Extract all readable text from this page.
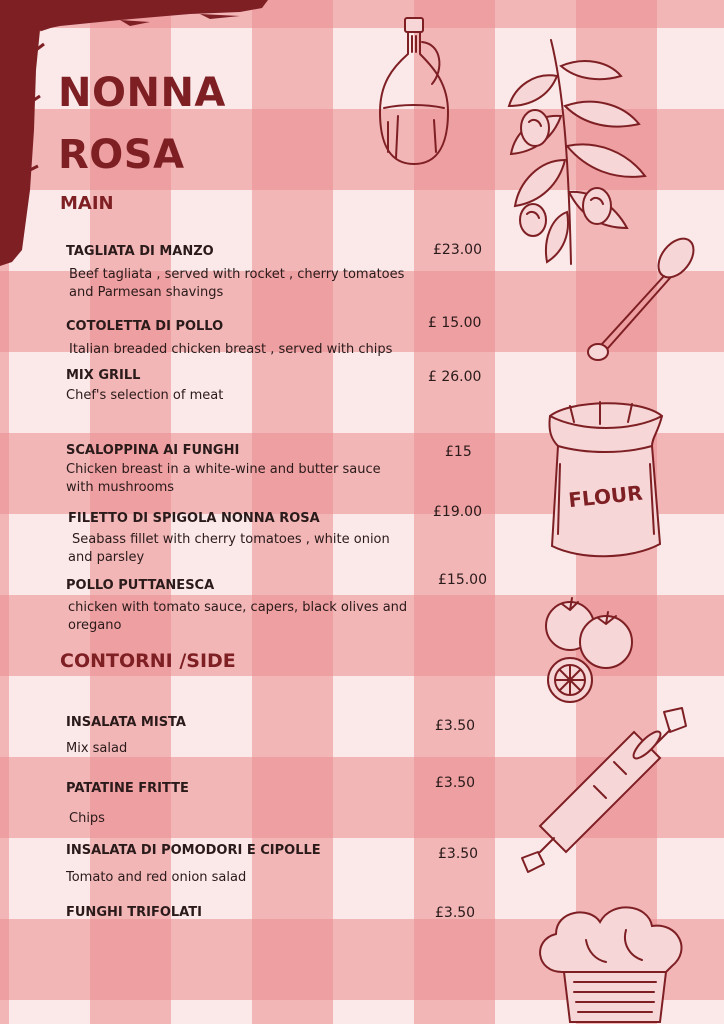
NONNA
ROSA
MAIN
TAGLIATA DI MANZO	£23.00
Beef tagliata , served with rocket , cherry tomatoes and Parmesan shavings
COTOLETTA DI POLLO	£ 15.00
Italian breaded chicken breast , served with chips
MIX GRILL	£ 26.00
Chef's selection of meat
SCALOPPINA AI FUNGHI	£15
Chicken breast in a white-wine and butter sauce with mushrooms
FILETTO DI SPIGOLA NONNA ROSA	£19.00
Seabass fillet with cherry tomatoes , white onion and parsley
POLLO PUTTANESCA	£15.00
chicken with tomato sauce, capers, black olives and oregano
CONTORNI /SIDE
INSALATA MISTA	£3.50
Mix salad
PATATINE FRITTE	£3.50
Chips
INSALATA DI POMODORI E CIPOLLE	£3.50
Tomato and red onion salad
FUNGHI TRIFOLATI	£3.50
FLOUR
